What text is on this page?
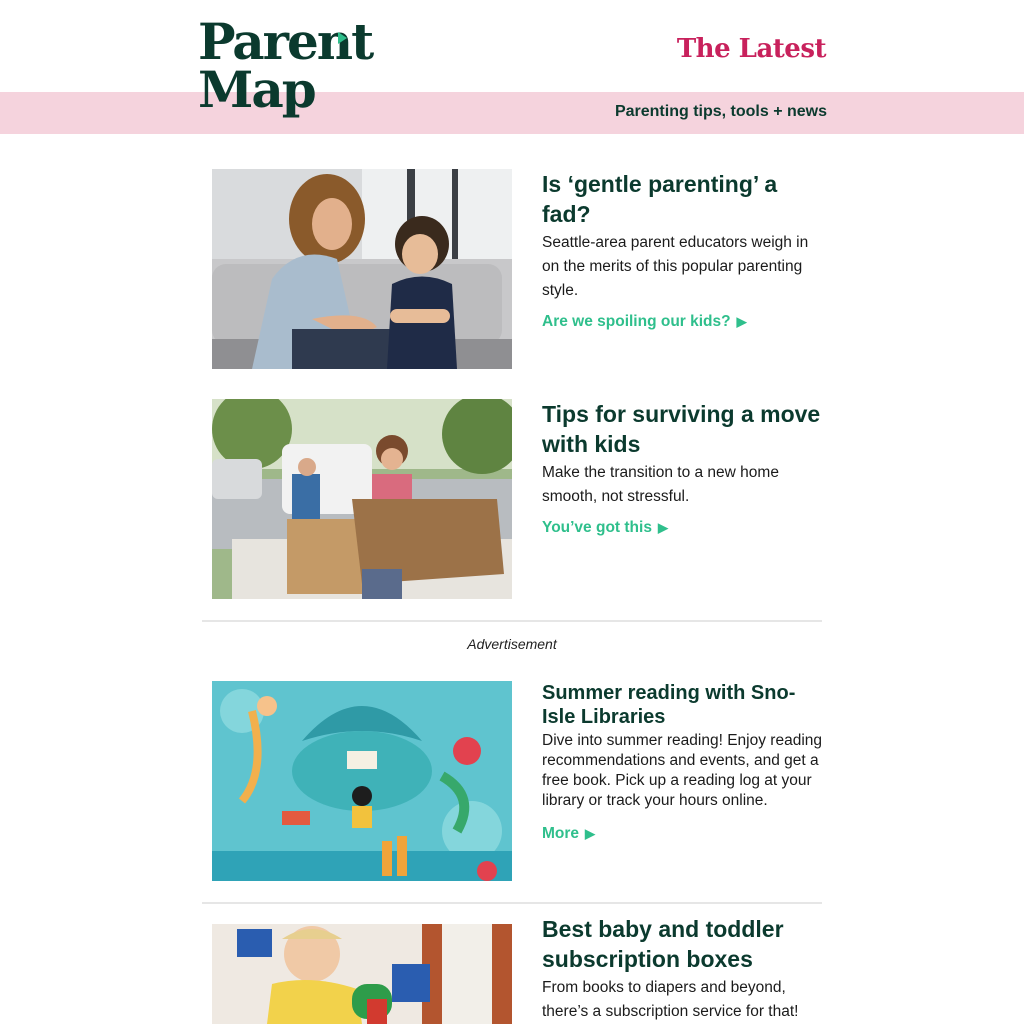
Parent
Map
The Latest
Parenting tips, tools + news
Is ‘gentle parenting’ a fad?

Seattle-area parent educators weigh in on the merits of this popular parenting style.

Are we spoiling our kids? ▶
Tips for surviving a move with kids

Make the transition to a new home smooth, not stressful.

You’ve got this ▶
Advertisement
Summer reading with Sno-Isle Libraries

Dive into summer reading! Enjoy reading recommendations and events, and get a free book. Pick up a reading log at your library or track your hours online.

More ▶
Best baby and toddler subscription boxes

From books to diapers and beyond, there’s a subscription service for that!
